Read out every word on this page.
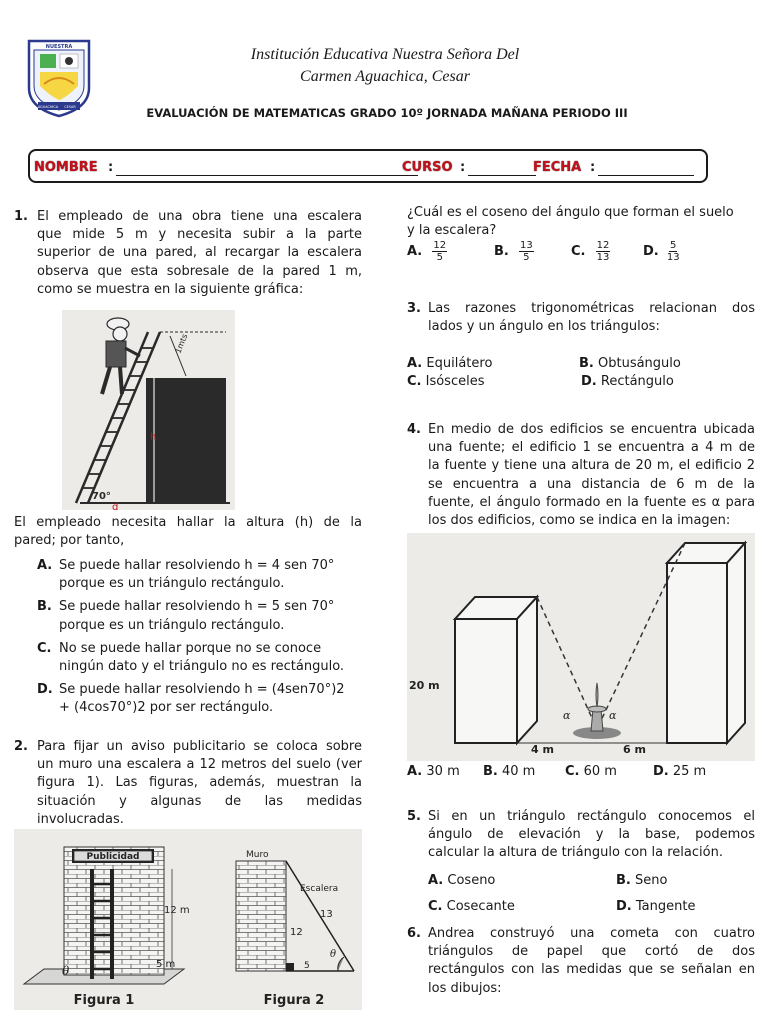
NUESTRA
AGUACHICA CESAR
Institución Educativa Nuestra Señora Del
Carmen Aguachica, Cesar
EVALUACIÓN DE MATEMATICAS GRADO 10º JORNADA MAÑANA PERIODO III
NOMBRE :	CURSO :	FECHA :
1. El empleado de una obra tiene una escalera
que mide 5 m y necesita subir a la parte
superior de una pared, al recargar la escalera
observa que esta sobresale de la pared 1 m,
como se muestra en la siguiente gráfica:
1mts
h
70°
d
El empleado necesita hallar la altura (h) de la
pared; por tanto,
A. Se puede hallar resolviendo h = 4 sen 70°
porque es un triángulo rectángulo.
B. Se puede hallar resolviendo h = 5 sen 70°
porque es un triángulo rectángulo.
C. No se puede hallar porque no se conoce
ningún dato y el triángulo no es rectángulo.
D. Se puede hallar resolviendo h = (4sen70°)2
+ (4cos70°)2 por ser rectángulo.
2. Para fijar un aviso publicitario se coloca sobre
un muro una escalera a 12 metros del suelo (ver
figura 1). Las figuras, además, muestran la
situación y algunas de las medidas
involucradas.
Publicidad
12 m
5 m
θ
Figura 1
Muro
Escalera
13
12
5
θ
Figura 2
¿Cuál es el coseno del ángulo que forman el suelo
y la escalera?
A. $\frac{12}{5}$	B. $\frac{13}{5}$	C. $\frac{12}{13}$	D. $\frac{5}{13}$
3. Las razones trigonométricas relacionan dos
lados y un ángulo en los triángulos:
A. Equilátero	B. Obtusángulo
C. Isósceles	D. Rectángulo
4. En medio de dos edificios se encuentra ubicada
una fuente; el edificio 1 se encuentra a 4 m de
la fuente y tiene una altura de 20 m, el edificio 2
se encuentra a una distancia de 6 m de la
fuente, el ángulo formado en la fuente es α para
los dos edificios, como se indica en la imagen:
20 m
α	α
4 m	6 m
A. 30 m B. 40 m C. 60 m	D. 25 m
5. Si en un triángulo rectángulo conocemos el
ángulo de elevación y la base, podemos
calcular la altura de triángulo con la relación.
A. Coseno	B. Seno
C. Cosecante	D. Tangente
6. Andrea construyó una cometa con cuatro
triángulos de papel que cortó de dos
rectángulos con las medidas que se señalan en
los dibujos:
